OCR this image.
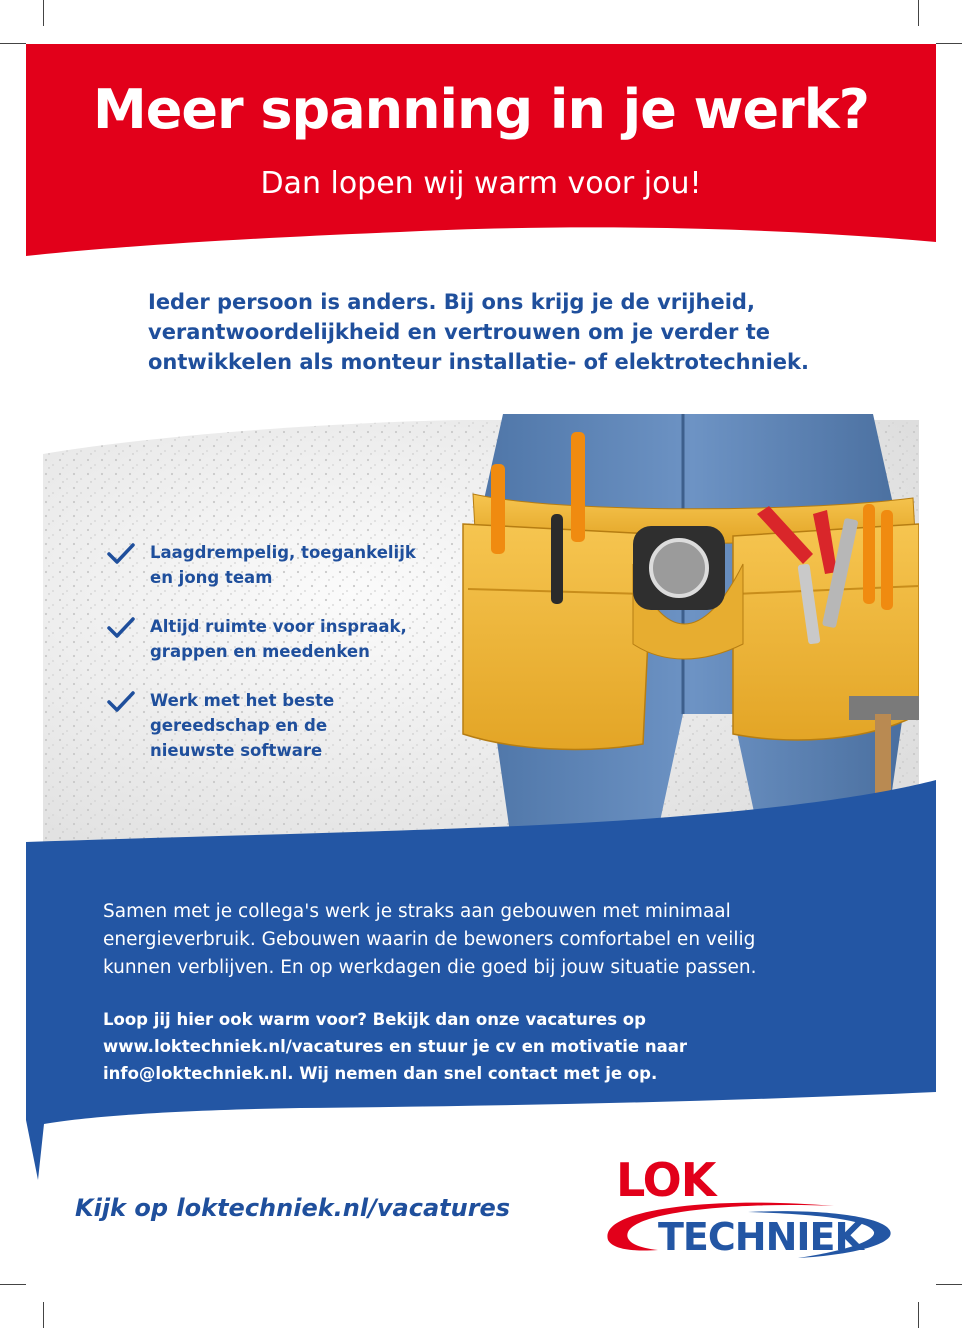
Meer spanning in je werk?
Dan lopen wij warm voor jou!
Ieder persoon is anders. Bij ons krijg je de vrijheid,
verantwoordelijkheid en vertrouwen om je verder te
ontwikkelen als monteur installatie- of elektrotechniek.
Laagdrempelig, toegankelijk
en jong team
Altijd ruimte voor inspraak,
grappen en meedenken
Werk met het beste
gereedschap en de
nieuwste software
Samen met je collega's werk je straks aan gebouwen met minimaal
energieverbruik. Gebouwen waarin de bewoners comfortabel en veilig
kunnen verblijven. En op werkdagen die goed bij jouw situatie passen.
Loop jij hier ook warm voor? Bekijk dan onze vacatures op
www.loktechniek.nl/vacatures en stuur je cv en motivatie naar
info@loktechniek.nl. Wij nemen dan snel contact met je op.
Kijk op loktechniek.nl/vacatures
LOK
TECHNIEK
